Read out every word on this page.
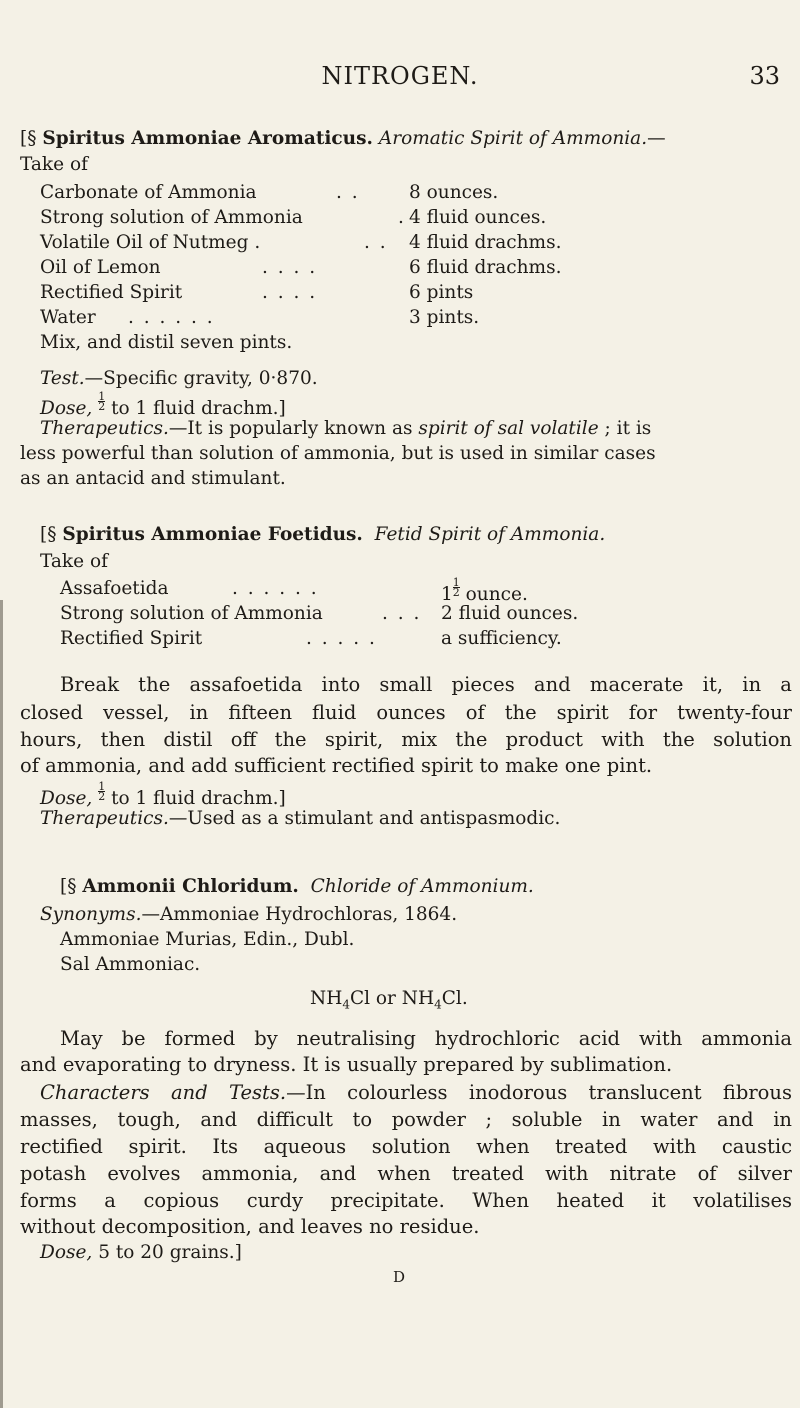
NITROGEN.	33
[§ Spiritus Ammoniae Aromaticus. Aromatic Spirit of Ammonia.—
Take of
Carbonate of Ammonia	. .	8 ounces.
Strong solution of Ammonia	. 4 fluid ounces.
Volatile Oil of Nutmeg .	. . 4 fluid drachms.
Oil of Lemon	. . . .	6 fluid drachms.
Rectified Spirit	. . . .	6 pints
Water . . . . . .	3 pints.
Mix, and distil seven pints.
Test.—Specific gravity, 0·870.
Dose, $\frac{1}{2}$ to 1 fluid drachm.]
Therapeutics.—It is popularly known as spirit of sal volatile ; it is
less powerful than solution of ammonia, but is used in similar cases
as an antacid and stimulant.
[§ Spiritus Ammoniae Foetidus. Fetid Spirit of Ammonia.
Take of
Assafoetida	. . . . . .	$1 \frac{1}{2}$ ounce.
Strong solution of Ammonia	. . . 2 fluid ounces.
Rectified Spirit	. . . . .	a sufficiency.
Break the assafoetida into small pieces and macerate it, in a
closed vessel, in fifteen fluid ounces of the spirit for twenty-four
hours, then distil off the spirit, mix the product with the solution
of ammonia, and add sufficient rectified spirit to make one pint.
Dose, $\frac{1}{2}$ to 1 fluid drachm.]
Therapeutics.—Used as a stimulant and antispasmodic.
[§ Ammonii Chloridum. Chloride of Ammonium.
Synonyms.—Ammoniae Hydrochloras, 1864.
Ammoniae Murias, Edin., Dubl.
Sal Ammoniac.
$NH_4Cl$ or $NH_4Cl$.
May be formed by neutralising hydrochloric acid with ammonia
and evaporating to dryness. It is usually prepared by sublimation.
Characters and Tests.—In colourless inodorous translucent fibrous
masses, tough, and difficult to powder ; soluble in water and in
rectified spirit. Its aqueous solution when treated with caustic
potash evolves ammonia, and when treated with nitrate of silver
forms a copious curdy precipitate. When heated it volatilises
without decomposition, and leaves no residue.
Dose, 5 to 20 grains.]
D
